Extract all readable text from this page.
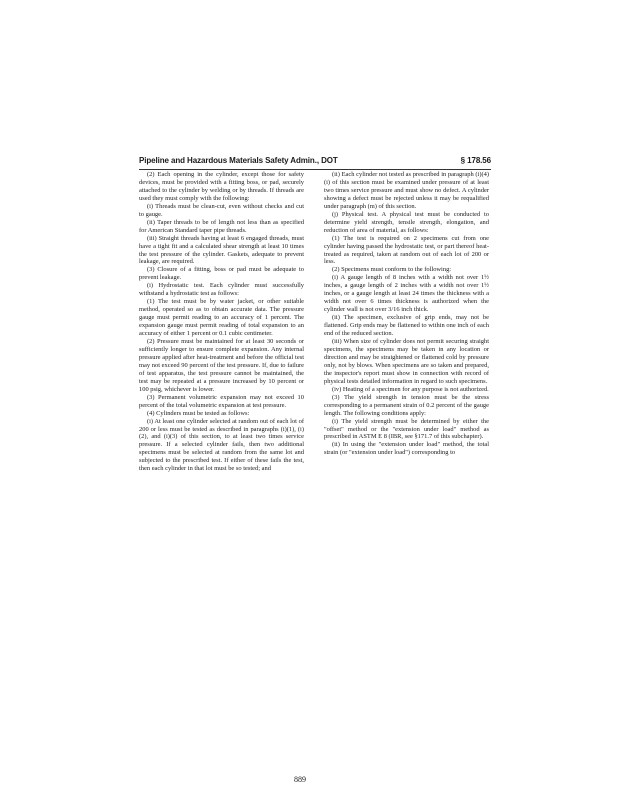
Pipeline and Hazardous Materials Safety Admin., DOT	§ 178.56

(2) Each opening in the cylinder, except those for safety devices, must be provided with a fitting boss, or pad, securely attached to the cylinder by welding or by threads. If threads are used they must comply with the following:

(i) Threads must be clean-cut, even without checks and cut to gauge.

(ii) Taper threads to be of length not less than as specified for American Standard taper pipe threads.

(iii) Straight threads having at least 6 engaged threads, must have a tight fit and a calculated shear strength at least 10 times the test pressure of the cylinder. Gaskets, adequate to prevent leakage, are required.

(3) Closure of a fitting, boss or pad must be adequate to prevent leakage.

(i) Hydrostatic test. Each cylinder must successfully withstand a hydrostatic test as follows:

(1) The test must be by water jacket, or other suitable method, operated so as to obtain accurate data. The pressure gauge must permit reading to an accuracy of 1 percent. The expansion gauge must permit reading of total expansion to an accuracy of either 1 percent or 0.1 cubic centimeter.

(2) Pressure must be maintained for at least 30 seconds or sufficiently longer to ensure complete expansion. Any internal pressure applied after heat-treatment and before the official test may not exceed 90 percent of the test pressure. If, due to failure of test apparatus, the test pressure cannot be maintained, the test may be repeated at a pressure increased by 10 percent or 100 psig, whichever is lower.

(3) Permanent volumetric expansion may not exceed 10 percent of the total volumetric expansion at test pressure.

(4) Cylinders must be tested as follows:

(i) At least one cylinder selected at random out of each lot of 200 or less must be tested as described in paragraphs (i)(1), (i)(2), and (i)(3) of this section, to at least two times service pressure. If a selected cylinder fails, then two additional specimens must be selected at random from the same lot and subjected to the prescribed test. If either of these fails the test, then each cylinder in that lot must be so tested; and

(ii) Each cylinder not tested as prescribed in paragraph (i)(4)(i) of this section must be examined under pressure of at least two times service pressure and must show no defect. A cylinder showing a defect must be rejected unless it may be requalified under paragraph (m) of this section.

(j) Physical test. A physical test must be conducted to determine yield strength, tensile strength, elongation, and reduction of area of material, as follows:

(1) The test is required on 2 specimens cut from one cylinder having passed the hydrostatic test, or part thereof heat-treated as required, taken at random out of each lot of 200 or less.

(2) Specimens must conform to the following:

(i) A gauge length of 8 inches with a width not over 1½ inches, a gauge length of 2 inches with a width not over 1½ inches, or a gauge length at least 24 times the thickness with a width not over 6 times thickness is authorized when the cylinder wall is not over 3/16 inch thick.

(ii) The specimen, exclusive of grip ends, may not be flattened. Grip ends may be flattened to within one inch of each end of the reduced section.

(iii) When size of cylinder does not permit securing straight specimens, the specimens may be taken in any location or direction and may be straightened or flattened cold by pressure only, not by blows. When specimens are so taken and prepared, the inspector's report must show in connection with record of physical tests detailed information in regard to such specimens.

(iv) Heating of a specimen for any purpose is not authorized.

(3) The yield strength in tension must be the stress corresponding to a permanent strain of 0.2 percent of the gauge length. The following conditions apply:

(i) The yield strength must be determined by either the "offset" method or the "extension under load" method as prescribed in ASTM E 8 (IBR, see §171.7 of this subchapter).

(ii) In using the "extension under load" method, the total strain (or "extension under load") corresponding to

889
